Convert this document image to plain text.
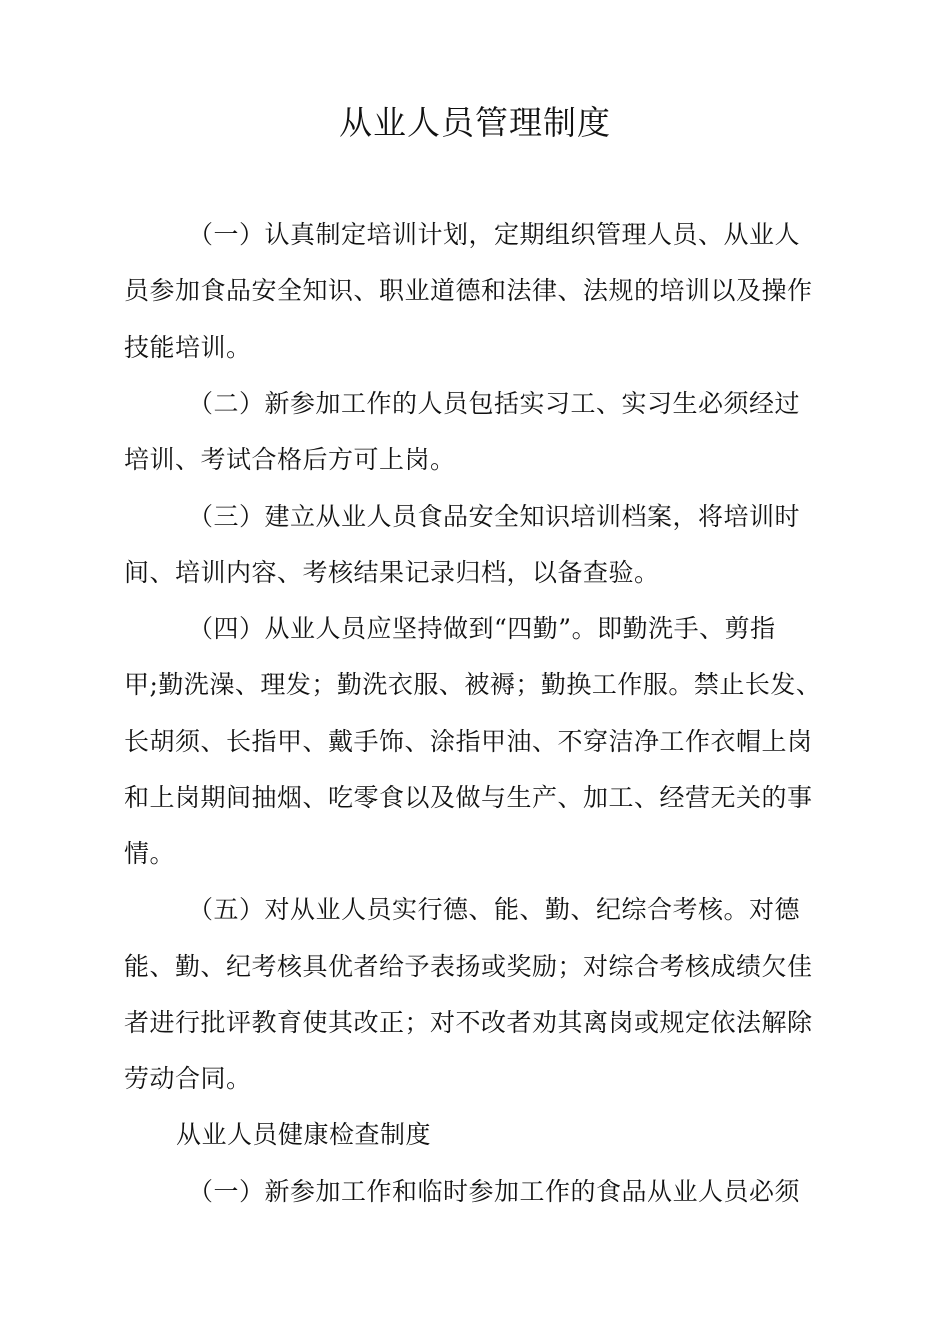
从业人员管理制度
（一）认真制定培训计划，定期组织管理人员、从业人
员参加食品安全知识、职业道德和法律、法规的培训以及操作
技能培训。
（二）新参加工作的人员包括实习工、实习生必须经过
培训、考试合格后方可上岗。
（三）建立从业人员食品安全知识培训档案，将培训时
间、培训内容、考核结果记录归档，以备查验。
（四）从业人员应坚持做到“四勤”。即勤洗手、剪指
甲;勤洗澡、理发；勤洗衣服、被褥；勤换工作服。禁止长发、
长胡须、长指甲、戴手饰、涂指甲油、不穿洁净工作衣帽上岗
和上岗期间抽烟、吃零食以及做与生产、加工、经营无关的事
情。
（五）对从业人员实行德、能、勤、纪综合考核。对德
能、勤、纪考核具优者给予表扬或奖励；对综合考核成绩欠佳
者进行批评教育使其改正；对不改者劝其离岗或规定依法解除
劳动合同。
从业人员健康检查制度
（一）新参加工作和临时参加工作的食品从业人员必须
